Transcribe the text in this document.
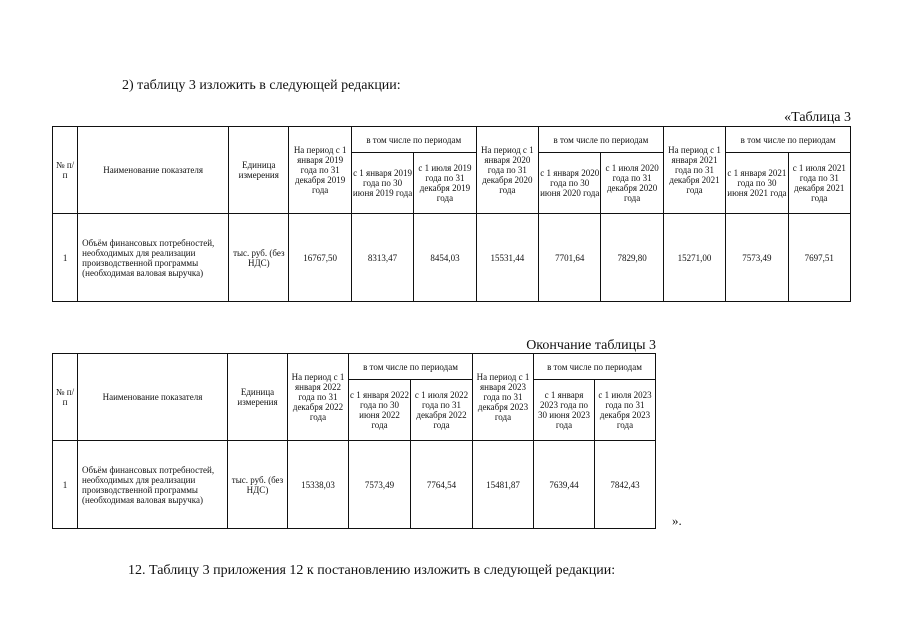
2) таблицу 3 изложить в следующей редакции:

«Таблица 3
№ п/п	Наименование показателя	Единица измерения	На период с 1 января 2019 года по 31 декабря 2019 года	в том числе по периодам		На период с 1 января 2020 года по 31 декабря 2020 года	в том числе по периодам		На период с 1 января 2021 года по 31 декабря 2021 года	в том числе по периодам	
				с 1 января 2019 года по 30 июня 2019 года	с 1 июля 2019 года по 31 декабря 2019 года		с 1 января 2020 года по 30 июня 2020 года	с 1 июля 2020 года по 31 декабря 2020 года		с 1 января 2021 года по 30 июня 2021 года	с 1 июля 2021 года по 31 декабря 2021 года
1	Объём финансовых потребностей, необходимых для реализации производственной программы (необходимая валовая выручка)	тыс. руб. (без НДС)	16767,50	8313,47	8454,03	15531,44	7701,64	7829,80	15271,00	7573,49	7697,51
Окончание таблицы 3
№ п/п	Наименование показателя	Единица измерения	На период с 1 января 2022 года по 31 декабря 2022 года	в том числе по периодам		На период с 1 января 2023 года по 31 декабря 2023 года	в том числе по периодам	
				с 1 января 2022 года по 30 июня 2022 года	с 1 июля 2022 года по 31 декабря 2022 года		с 1 января 2023 года по 30 июня 2023 года	с 1 июля 2023 года по 31 декабря 2023 года
1	Объём финансовых потребностей, необходимых для реализации производственной программы (необходимая валовая выручка)	тыс. руб. (без НДС)	15338,03	7573,49	7764,54	15481,87	7639,44	7842,43
».

12. Таблицу 3 приложения 12 к постановлению изложить в следующей редакции:
